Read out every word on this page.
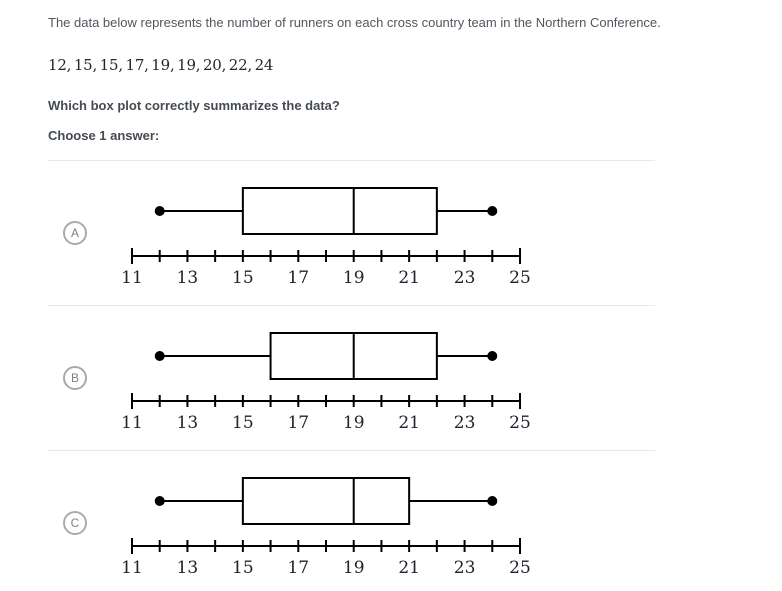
The data below represents the number of runners on each cross country team in the Northern Conference.

12, 15, 15, 17, 19, 19, 20, 22, 24

Which box plot correctly summarizes the data?

Choose 1 answer:

A
11 13 15 17 19 21 23 25
B
11 13 15 17 19 21 23 25
C
11 13 15 17 19 21 23 25
